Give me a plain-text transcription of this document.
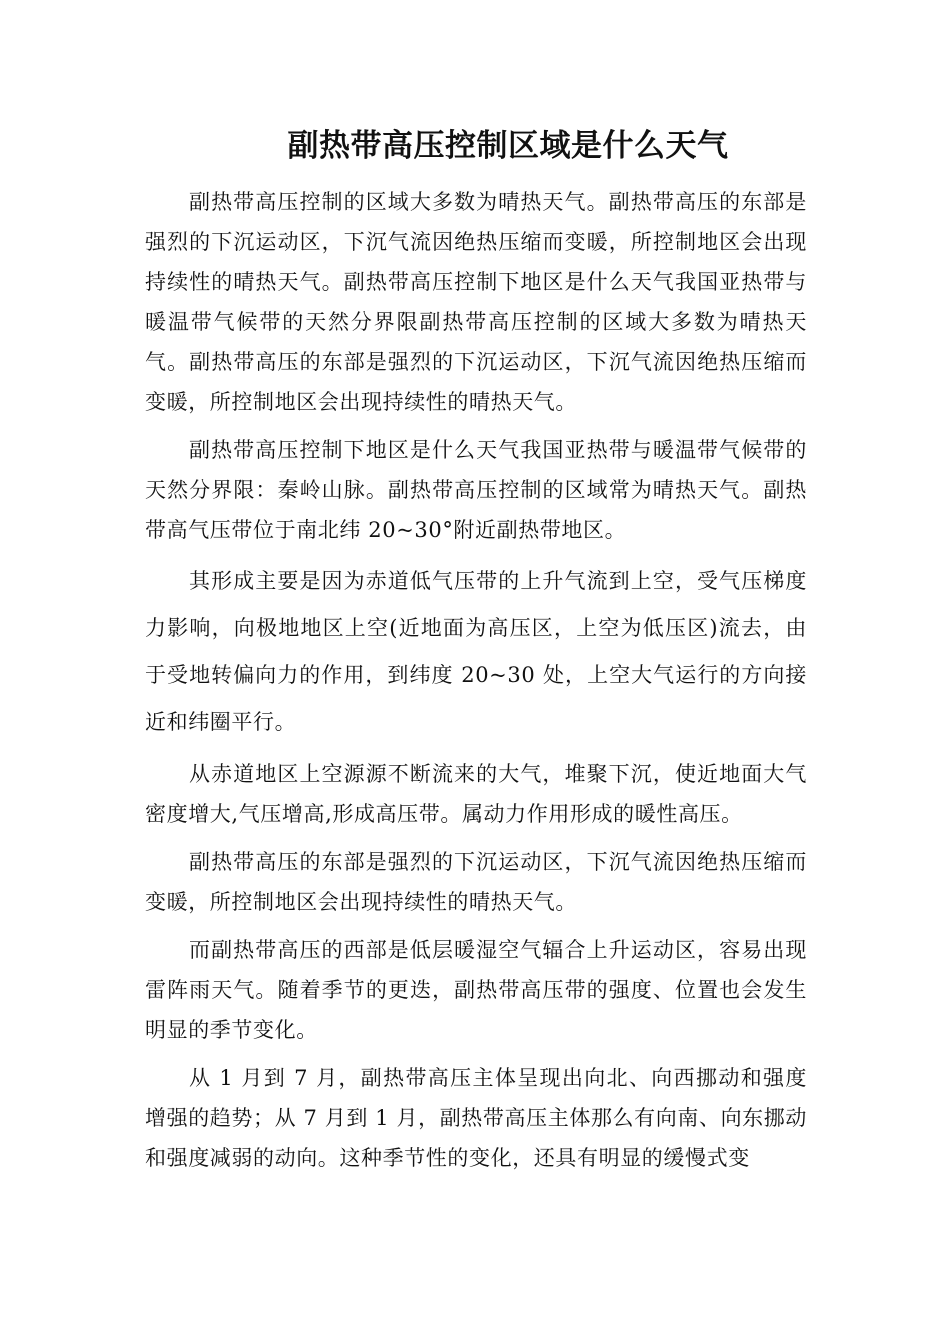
副热带高压控制区域是什么天气

副热带高压控制的区域大多数为晴热天气。副热带高压的东部是强烈的下沉运动区，下沉气流因绝热压缩而变暖，所控制地区会出现持续性的晴热天气。副热带高压控制下地区是什么天气我国亚热带与暖温带气候带的天然分界限副热带高压控制的区域大多数为晴热天气。副热带高压的东部是强烈的下沉运动区，下沉气流因绝热压缩而变暖，所控制地区会出现持续性的晴热天气。

副热带高压控制下地区是什么天气我国亚热带与暖温带气候带的天然分界限：秦岭山脉。副热带高压控制的区域常为晴热天气。副热带高气压带位于南北纬 20~30°附近副热带地区。

其形成主要是因为赤道低气压带的上升气流到上空，受气压梯度力影响，向极地地区上空(近地面为高压区，上空为低压区)流去，由于受地转偏向力的作用，到纬度 20~30 处，上空大气运行的方向接近和纬圈平行。

从赤道地区上空源源不断流来的大气，堆聚下沉，使近地面大气密度增大,气压增高,形成高压带。属动力作用形成的暖性高压。

副热带高压的东部是强烈的下沉运动区，下沉气流因绝热压缩而变暖，所控制地区会出现持续性的晴热天气。

而副热带高压的西部是低层暖湿空气辐合上升运动区，容易出现雷阵雨天气。随着季节的更迭，副热带高压带的强度、位置也会发生明显的季节变化。

从 1 月到 7 月，副热带高压主体呈现出向北、向西挪动和强度增强的趋势；从 7 月到 1 月，副热带高压主体那么有向南、向东挪动和强度减弱的动向。这种季节性的变化，还具有明显的缓慢式变
